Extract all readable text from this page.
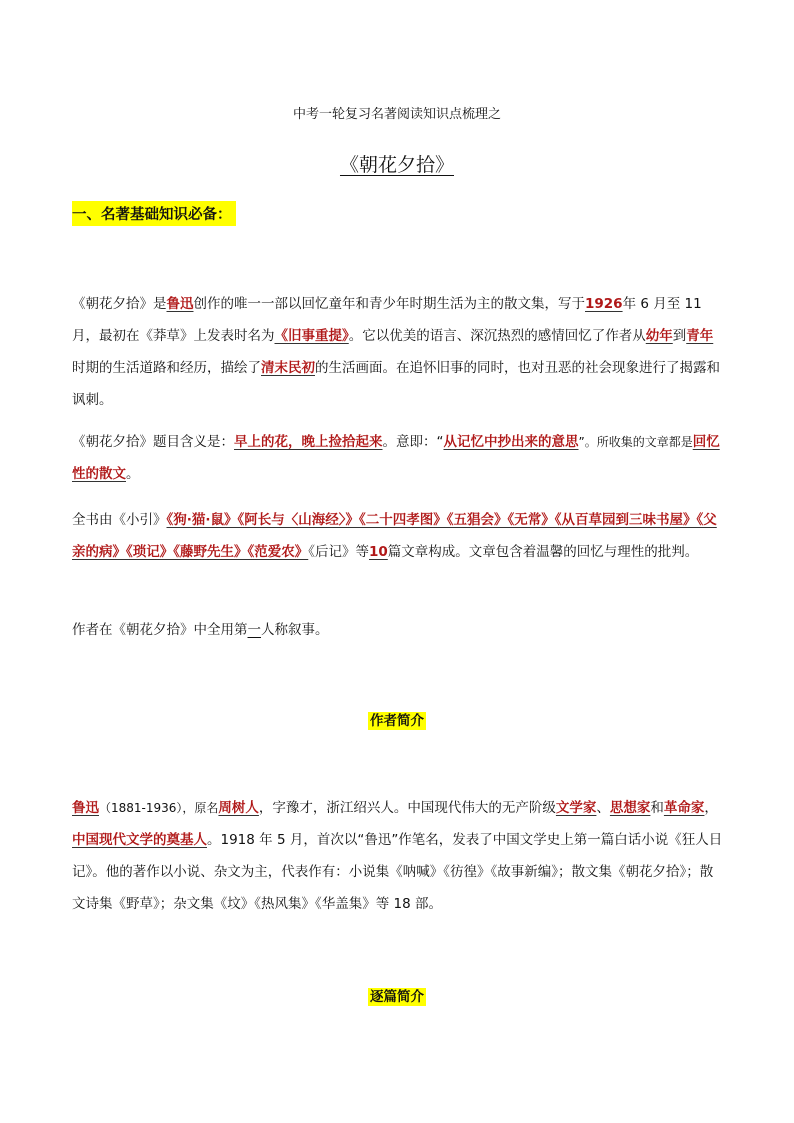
中考一轮复习名著阅读知识点梳理之
《朝花夕拾》
一、名著基础知识必备：

《朝花夕拾》是鲁迅创作的唯一一部以回忆童年和青少年时期生活为主的散文集，写于1926年 6 月至 11 月，最初在《莽草》上发表时名为《旧事重提》。它以优美的语言、深沉热烈的感情回忆了作者从幼年到青年时期的生活道路和经历，描绘了清末民初的生活画面。在追怀旧事的同时，也对丑恶的社会现象进行了揭露和讽刺。

《朝花夕拾》题目含义是：早上的花，晚上捡拾起来。意即：“从记忆中抄出来的意思”。所收集的文章都是回忆性的散文。

全书由《小引》《狗·猫·鼠》《阿长与〈山海经〉》《二十四孝图》《五猖会》《无常》《从百草园到三味书屋》《父亲的病》《琐记》《藤野先生》《范爱农》《后记》等10篇文章构成。文章包含着温馨的回忆与理性的批判。

作者在《朝花夕拾》中全用第一人称叙事。

作者简介

鲁迅（1881-1936），原名周树人，字豫才，浙江绍兴人。中国现代伟大的无产阶级文学家、思想家和革命家，中国现代文学的奠基人。1918 年 5 月，首次以“鲁迅”作笔名，发表了中国文学史上第一篇白话小说《狂人日记》。他的著作以小说、杂文为主，代表作有：小说集《呐喊》《彷徨》《故事新编》；散文集《朝花夕拾》；散文诗集《野草》；杂文集《坟》《热风集》《华盖集》等 18 部。

逐篇简介
